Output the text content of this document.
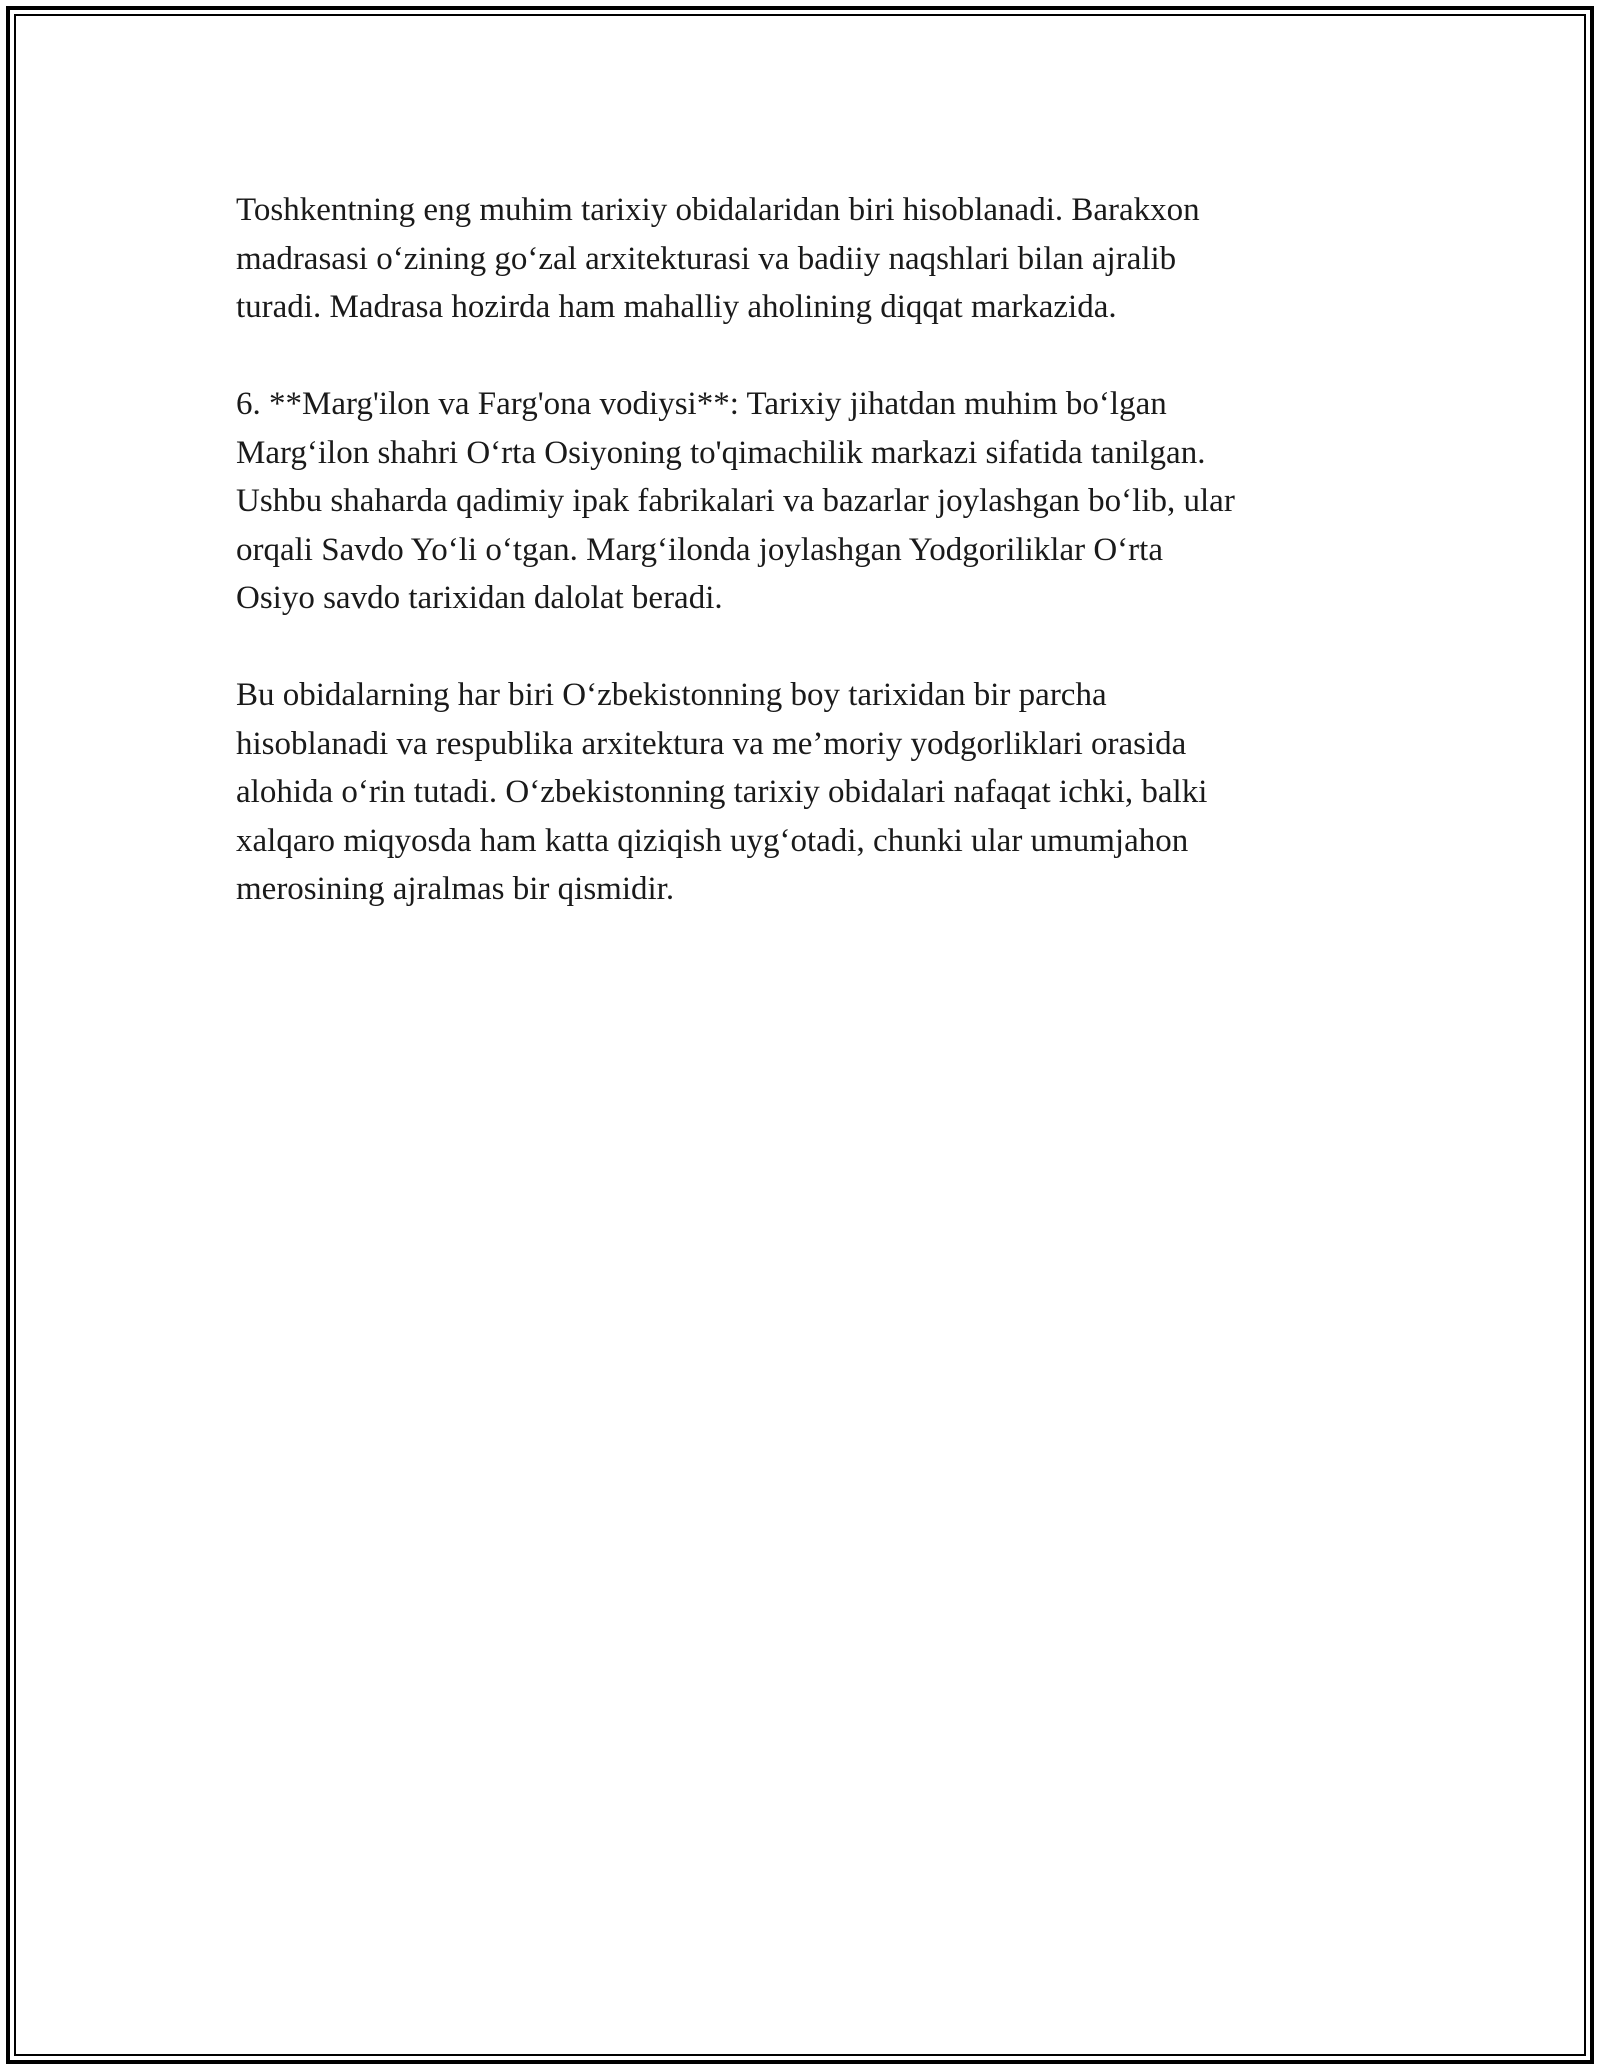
Toshkentning eng muhim tarixiy obidalaridan biri hisoblanadi. Barakxon
madrasasi o‘zining go‘zal arxitekturasi va badiiy naqshlari bilan ajralib
turadi. Madrasa hozirda ham mahalliy aholining diqqat markazida.

6. **Marg'ilon va Farg'ona vodiysi**: Tarixiy jihatdan muhim bo‘lgan
Marg‘ilon shahri O‘rta Osiyoning to'qimachilik markazi sifatida tanilgan.
Ushbu shaharda qadimiy ipak fabrikalari va bazarlar joylashgan bo‘lib, ular
orqali Savdo Yo‘li o‘tgan. Marg‘ilonda joylashgan Yodgoriliklar O‘rta
Osiyo savdo tarixidan dalolat beradi.

Bu obidalarning har biri O‘zbekistonning boy tarixidan bir parcha
hisoblanadi va respublika arxitektura va me’moriy yodgorliklari orasida
alohida o‘rin tutadi. O‘zbekistonning tarixiy obidalari nafaqat ichki, balki
xalqaro miqyosda ham katta qiziqish uyg‘otadi, chunki ular umumjahon
merosining ajralmas bir qismidir.
